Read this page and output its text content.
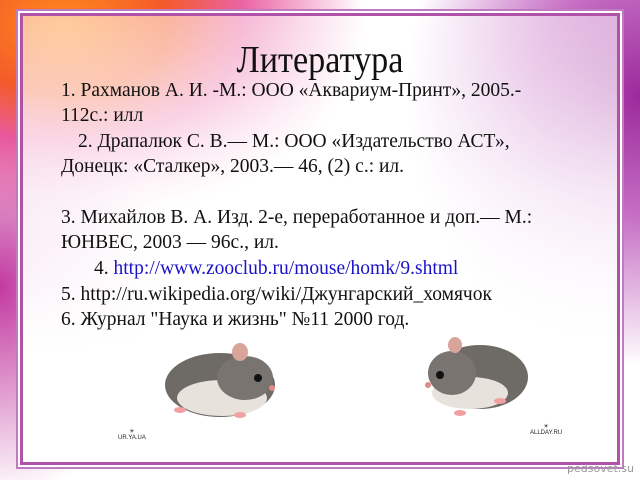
Литература
1. Рахманов А. И. -М.: ООО «Аквариум-Принт», 2005.-
112с.: илл
2. Драпалюк С. В.— М.: ООО «Издательство АСТ»,
Донецк: «Сталкер», 2003.— 46, (2) с.: ил.
3. Михайлов В. А. Изд. 2-е, переработанное и доп.— М.:
ЮНВЕС, 2003 — 96с., ил.
4. http://www.zooclub.ru/mouse/homk/9.shtml
5. http://ru.wikipedia.org/wiki/Джунгарский_хомячок
6. Журнал "Наука и жизнь" №11 2000 год.
☀
UR.YA.UA
☀
ALLDAY.RU
pedsovet.su
